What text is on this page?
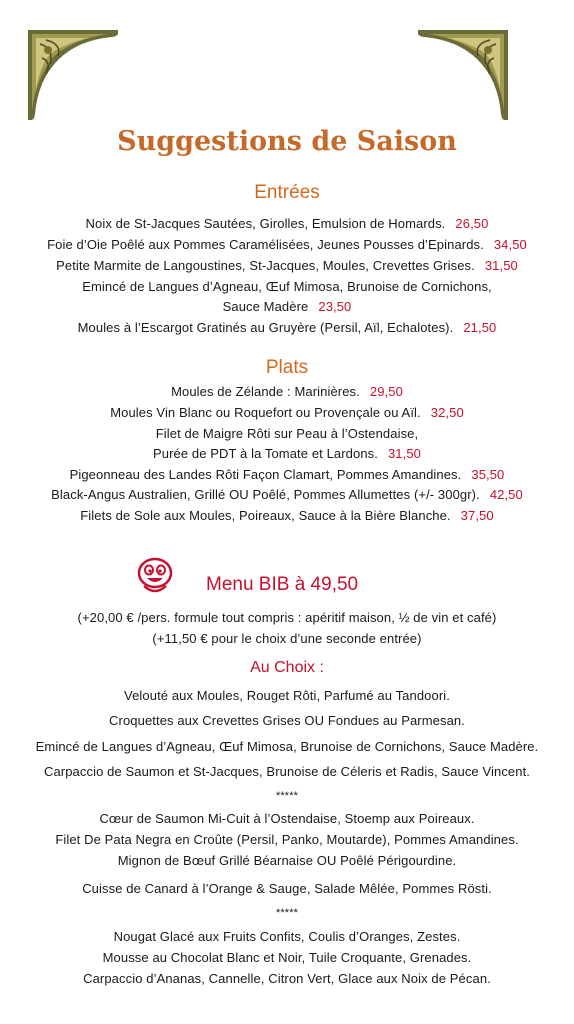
Suggestions de Saison
Entrées
Noix de St-Jacques Sautées, Girolles, Emulsion de Homards. 26,50
Foie d’Oie Poêlé aux Pommes Caramélisées, Jeunes Pousses d’Epinards. 34,50
Petite Marmite de Langoustines, St-Jacques, Moules, Crevettes Grises. 31,50
Emincé de Langues d’Agneau, Œuf Mimosa, Brunoise de Cornichons,
Sauce Madère 23,50
Moules à l’Escargot Gratinés au Gruyère (Persil, Aïl, Echalotes). 21,50
Plats
Moules de Zélande : Marinières. 29,50
Moules Vin Blanc ou Roquefort ou Provençale ou Aïl. 32,50
Filet de Maigre Rôti sur Peau à l’Ostendaise,
Purée de PDT à la Tomate et Lardons. 31,50
Pigeonneau des Landes Rôti Façon Clamart, Pommes Amandines. 35,50
Black-Angus Australien, Grillé OU Poêlé, Pommes Allumettes (+/- 300gr). 42,50
Filets de Sole aux Moules, Poireaux, Sauce à la Bière Blanche. 37,50
Menu BIB à 49,50
(+20,00 € /pers. formule tout compris : apéritif maison, ½ de vin et café)
(+11,50 € pour le choix d’une seconde entrée)
Au Choix :
Velouté aux Moules, Rouget Rôti, Parfumé au Tandoori.
Croquettes aux Crevettes Grises OU Fondues au Parmesan.
Emincé de Langues d’Agneau, Œuf Mimosa, Brunoise de Cornichons, Sauce Madère.
Carpaccio de Saumon et St-Jacques, Brunoise de Céleris et Radis, Sauce Vincent.
*****
Cœur de Saumon Mi-Cuit à l’Ostendaise, Stoemp aux Poireaux.
Filet De Pata Negra en Croûte (Persil, Panko, Moutarde), Pommes Amandines.
Mignon de Bœuf Grillé Béarnaise OU Poêlé Périgourdine.
Cuisse de Canard à l’Orange & Sauge, Salade Mêlée, Pommes Rösti.
*****
Nougat Glacé aux Fruits Confits, Coulis d’Oranges, Zestes.
Mousse au Chocolat Blanc et Noir, Tuile Croquante, Grenades.
Carpaccio d’Ananas, Cannelle, Citron Vert, Glace aux Noix de Pécan.
